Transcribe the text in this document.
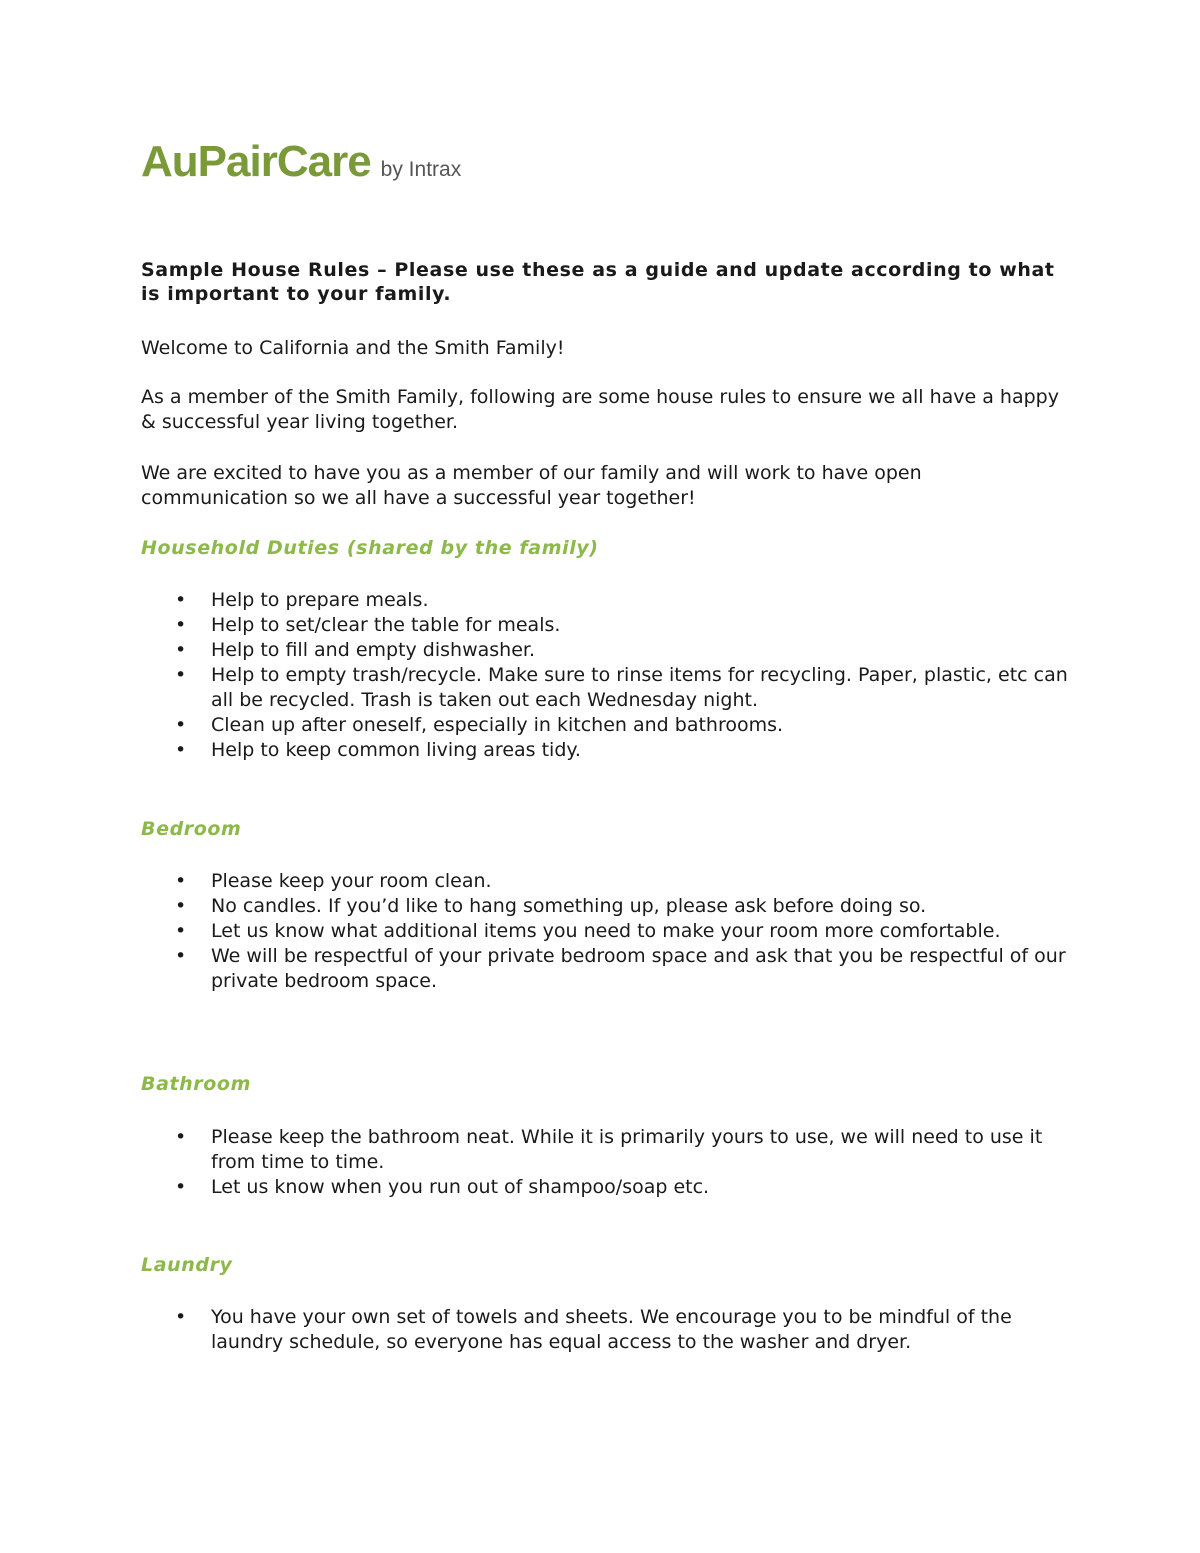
AuPairCare by Intrax

Sample House Rules – Please use these as a guide and update according to what is important to your family.

Welcome to California and the Smith Family!

As a member of the Smith Family, following are some house rules to ensure we all have a happy & successful year living together.

We are excited to have you as a member of our family and will work to have open communication so we all have a successful year together!

Household Duties (shared by the family)
• Help to prepare meals.
• Help to set/clear the table for meals.
• Help to fill and empty dishwasher.
• Help to empty trash/recycle. Make sure to rinse items for recycling. Paper, plastic, etc can all be recycled. Trash is taken out each Wednesday night.
• Clean up after oneself, especially in kitchen and bathrooms.
• Help to keep common living areas tidy.
Bedroom
• Please keep your room clean.
• No candles. If you’d like to hang something up, please ask before doing so.
• Let us know what additional items you need to make your room more comfortable.
• We will be respectful of your private bedroom space and ask that you be respectful of our private bedroom space.
Bathroom
• Please keep the bathroom neat. While it is primarily yours to use, we will need to use it from time to time.
• Let us know when you run out of shampoo/soap etc.
Laundry
• You have your own set of towels and sheets. We encourage you to be mindful of the laundry schedule, so everyone has equal access to the washer and dryer.
